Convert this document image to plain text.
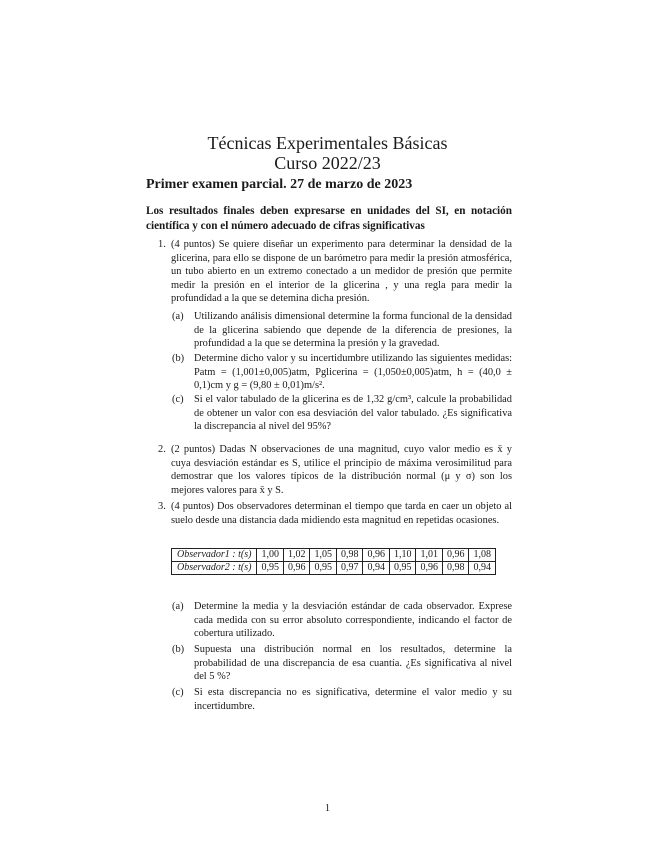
Técnicas Experimentales Básicas
Curso 2022/23
Primer examen parcial. 27 de marzo de 2023
Los resultados finales deben expresarse en unidades del SI, en notación científica y con el número adecuado de cifras significativas
1. (4 puntos) Se quiere diseñar un experimento para determinar la densidad de la glicerina, para ello se dispone de un barómetro para medir la presión atmosférica, un tubo abierto en un extremo conectado a un medidor de presión que permite medir la presión en el interior de la glicerina , y una regla para medir la profundidad a la que se detemina dicha presión.
(a) Utilizando análisis dimensional determine la forma funcional de la densidad de la glicerina sabiendo que depende de la diferencia de presiones, la profundidad a la que se determina la presión y la gravedad.
(b) Determine dicho valor y su incertidumbre utilizando las siguientes medidas: Patm = (1,001±0,005)atm, Pglicerina = (1,050±0,005)atm, h = (40,0 ± 0,1)cm y g = (9,80 ± 0,01)m/s².
(c) Si el valor tabulado de la glicerina es de 1,32 g/cm³, calcule la probabilidad de obtener un valor con esa desviación del valor tabulado. ¿Es significativa la discrepancia al nivel del 95%?
2. (2 puntos) Dadas N observaciones de una magnitud, cuyo valor medio es x̄ y cuya desviación estándar es S, utilice el principio de máxima verosimilitud para demostrar que los valores típicos de la distribución normal (μ y σ) son los mejores valores para x̄ y S.
3. (4 puntos) Dos observadores determinan el tiempo que tarda en caer un objeto al suelo desde una distancia dada midiendo esta magnitud en repetidas ocasiones.
Observador1 : t(s)	1,00	1,02	1,05	0,98	0,96	1,10	1,01	0,96	1,08
Observador2 : t(s)	0,95	0,96	0,95	0,97	0,94	0,95	0,96	0,98	0,94
(a) Determine la media y la desviación estándar de cada observador. Exprese cada medida con su error absoluto correspondiente, indicando el factor de cobertura utilizado.
(b) Supuesta una distribución normal en los resultados, determine la probabilidad de una discrepancia de esa cuantía. ¿Es significativa al nivel del 5 %?
(c) Si esta discrepancia no es significativa, determine el valor medio y su incertidumbre.
1
